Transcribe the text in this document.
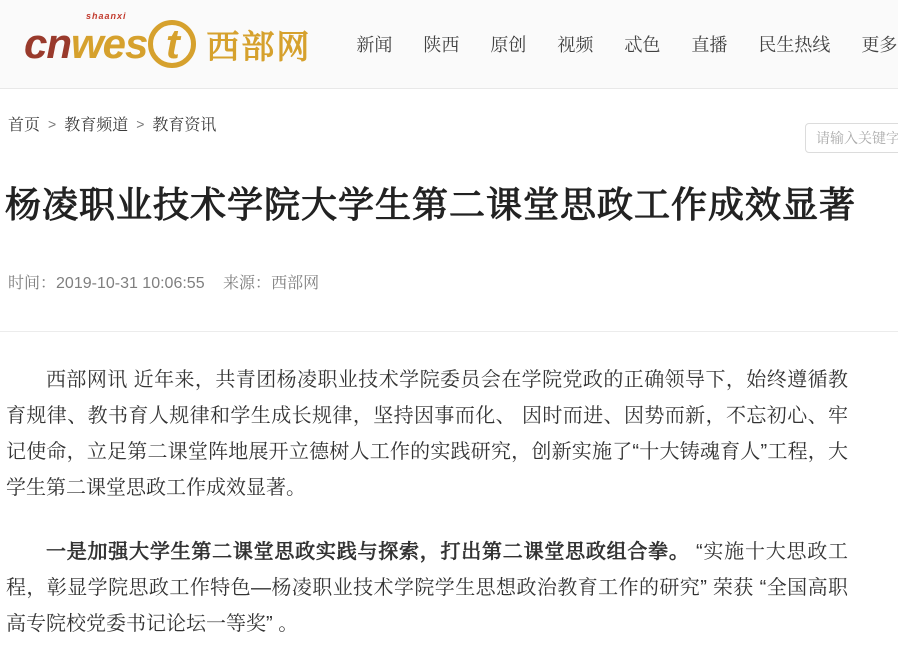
shaanxi
cn wes t 西部网	新闻 陕西 原创 视频 忒色 直播 民生热线 更多
首页 > 教育频道 > 教育资讯
请输入关键字
杨凌职业技术学院大学生第二课堂思政工作成效显著
时间：2019-10-31 10:06:55 来源：西部网

西部网讯 近年来，共青团杨凌职业技术学院委员会在学院党政的正确领导下，始终遵循教育规律、教书育人规律和学生成长规律，坚持因事而化、 因时而进、因势而新，不忘初心、牢记使命，立足第二课堂阵地展开立德树人工作的实践研究，创新实施了“十大铸魂育人”工程，大学生第二课堂思政工作成效显著。

一是加强大学生第二课堂思政实践与探索，打出第二课堂思政组合拳。 “实施十大思政工程，彰显学院思政工作特色—杨凌职业技术学院学生思想政治教育工作的研究” 荣获 “全国高职高专院校党委书记论坛一等奖” 。
